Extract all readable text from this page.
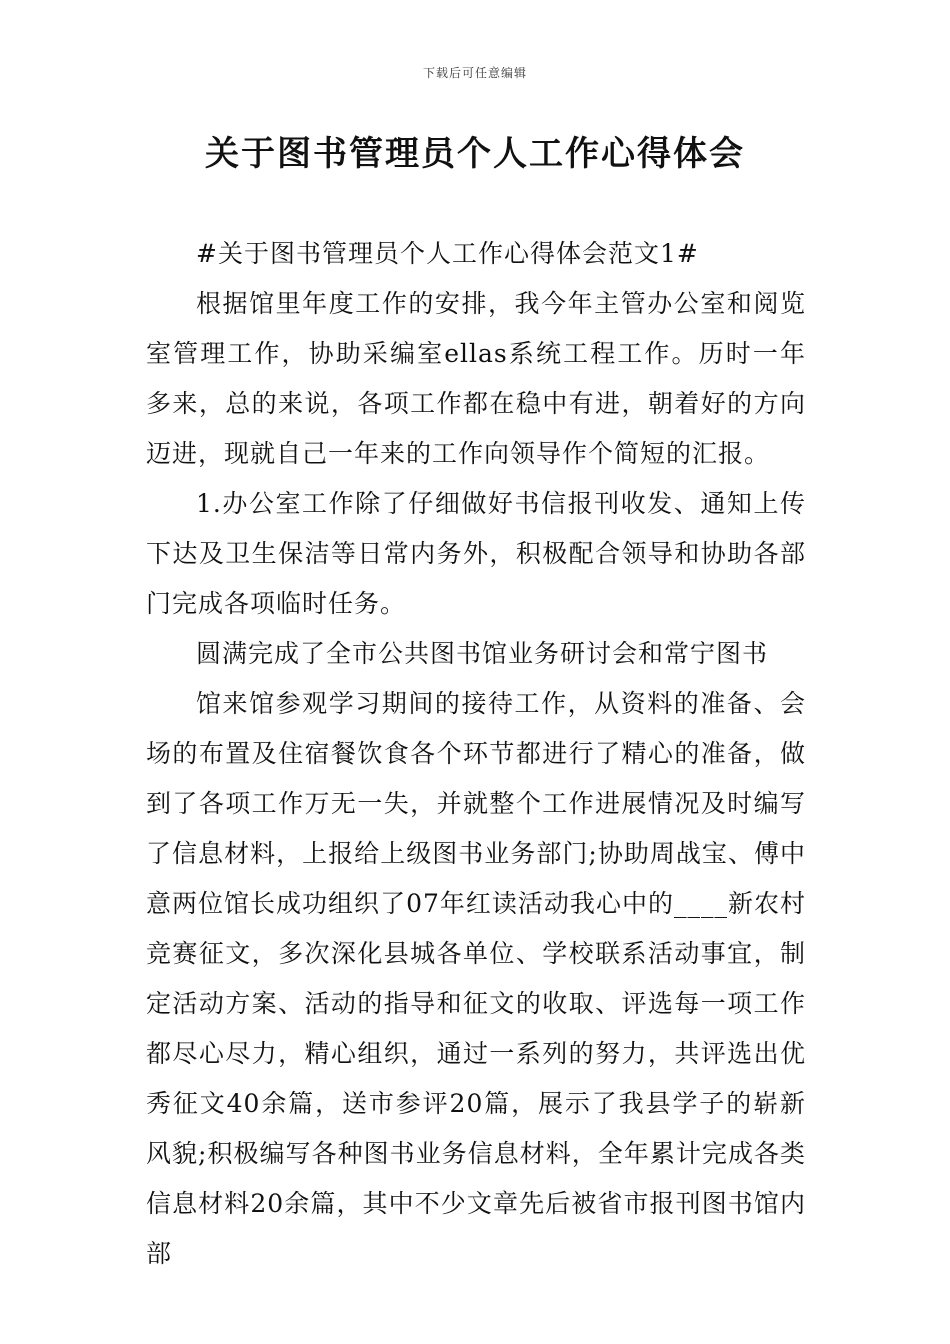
下载后可任意编辑
关于图书管理员个人工作心得体会

#关于图书管理员个人工作心得体会范文1#

根据馆里年度工作的安排，我今年主管办公室和阅览室管理工作，协助采编室ellas系统工程工作。历时一年多来，总的来说，各项工作都在稳中有进，朝着好的方向迈进，现就自己一年来的工作向领导作个简短的汇报。

1.办公室工作除了仔细做好书信报刊收发、通知上传下达及卫生保洁等日常内务外，积极配合领导和协助各部门完成各项临时任务。

圆满完成了全市公共图书馆业务研讨会和常宁图书

馆来馆参观学习期间的接待工作，从资料的准备、会场的布置及住宿餐饮食各个环节都进行了精心的准备，做到了各项工作万无一失，并就整个工作进展情况及时编写了信息材料，上报给上级图书业务部门;协助周战宝、傅中意两位馆长成功组织了07年红读活动我心中的____新农村竞赛征文，多次深化县城各单位、学校联系活动事宜，制定活动方案、活动的指导和征文的收取、评选每一项工作都尽心尽力，精心组织，通过一系列的努力，共评选出优秀征文40余篇，送市参评20篇，展示了我县学子的崭新风貌;积极编写各种图书业务信息材料，全年累计完成各类信息材料20余篇，其中不少文章先后被省市报刊图书馆内部
